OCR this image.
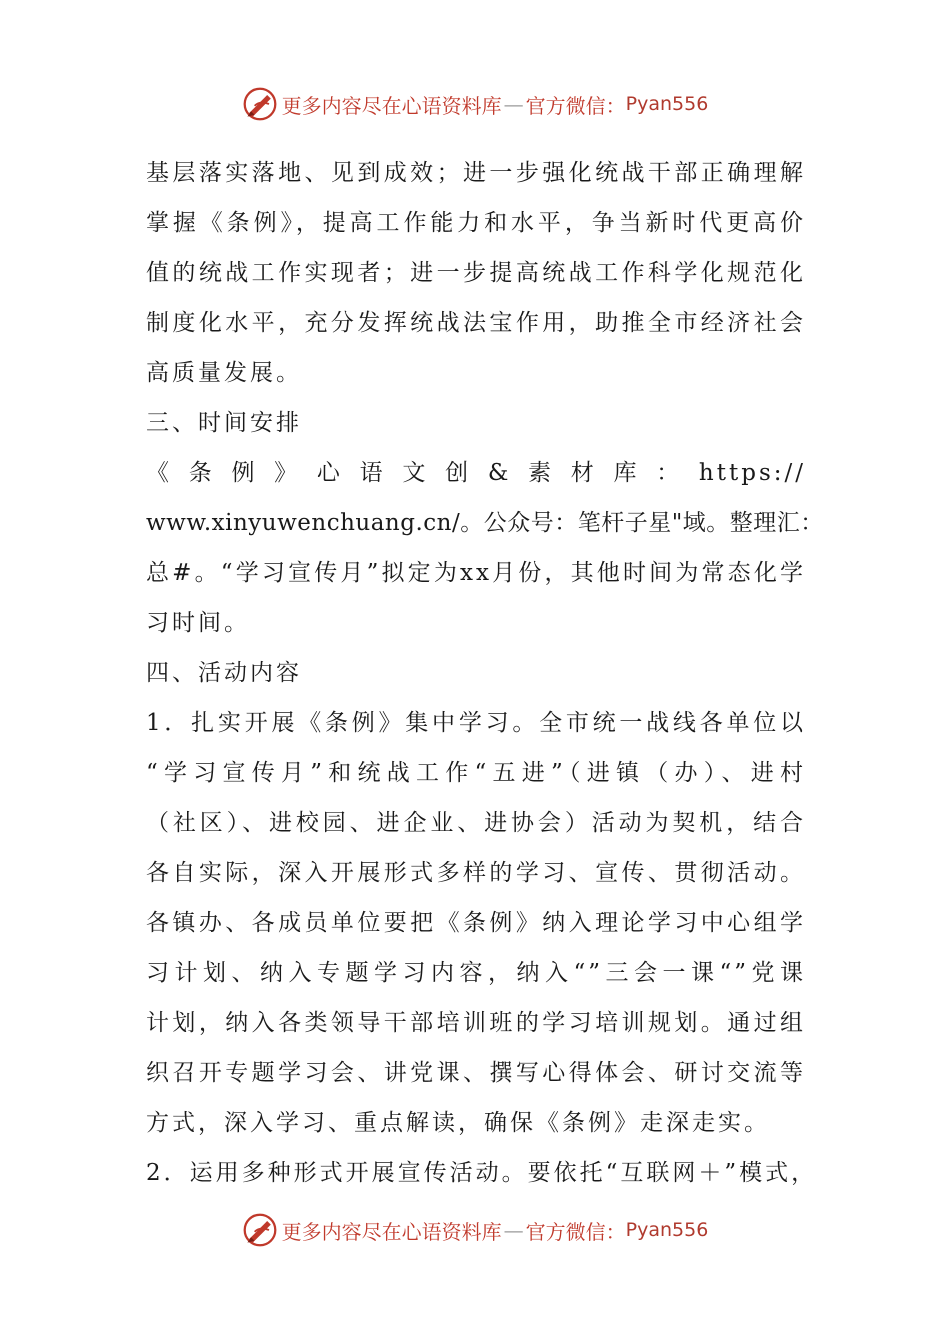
更多内容尽在心语资料库 — 官方微信： Pyan556
基层落实落地、见到成效；进一步强化统战干部正确理解
掌握《条例》，提高工作能力和水平，争当新时代更高价
值的统战工作实现者；进一步提高统战工作科学化规范化
制度化水平，充分发挥统战法宝作用，助推全市经济社会
高质量发展。
三、时间安排
《条例》心语文创&素材库：https://
www.xinyuwenchuang.cn/。公众号：笔杆子星"域。整理汇：
总#。“学习宣传月”拟定为xx月份，其他时间为常态化学
习时间。
四、活动内容
1．扎实开展《条例》集中学习。全市统一战线各单位以
“学习宣传月”和统战工作“五进”（进镇（办）、进村
（社区）、进校园、进企业、进协会）活动为契机，结合
各自实际，深入开展形式多样的学习、宣传、贯彻活动。
各镇办、各成员单位要把《条例》纳入理论学习中心组学
习计划、纳入专题学习内容，纳入“”三会一课“”党课
计划，纳入各类领导干部培训班的学习培训规划。通过组
织召开专题学习会、讲党课、撰写心得体会、研讨交流等
方式，深入学习、重点解读，确保《条例》走深走实。
2．运用多种形式开展宣传活动。要依托“互联网＋”模式，
更多内容尽在心语资料库 — 官方微信： Pyan556
